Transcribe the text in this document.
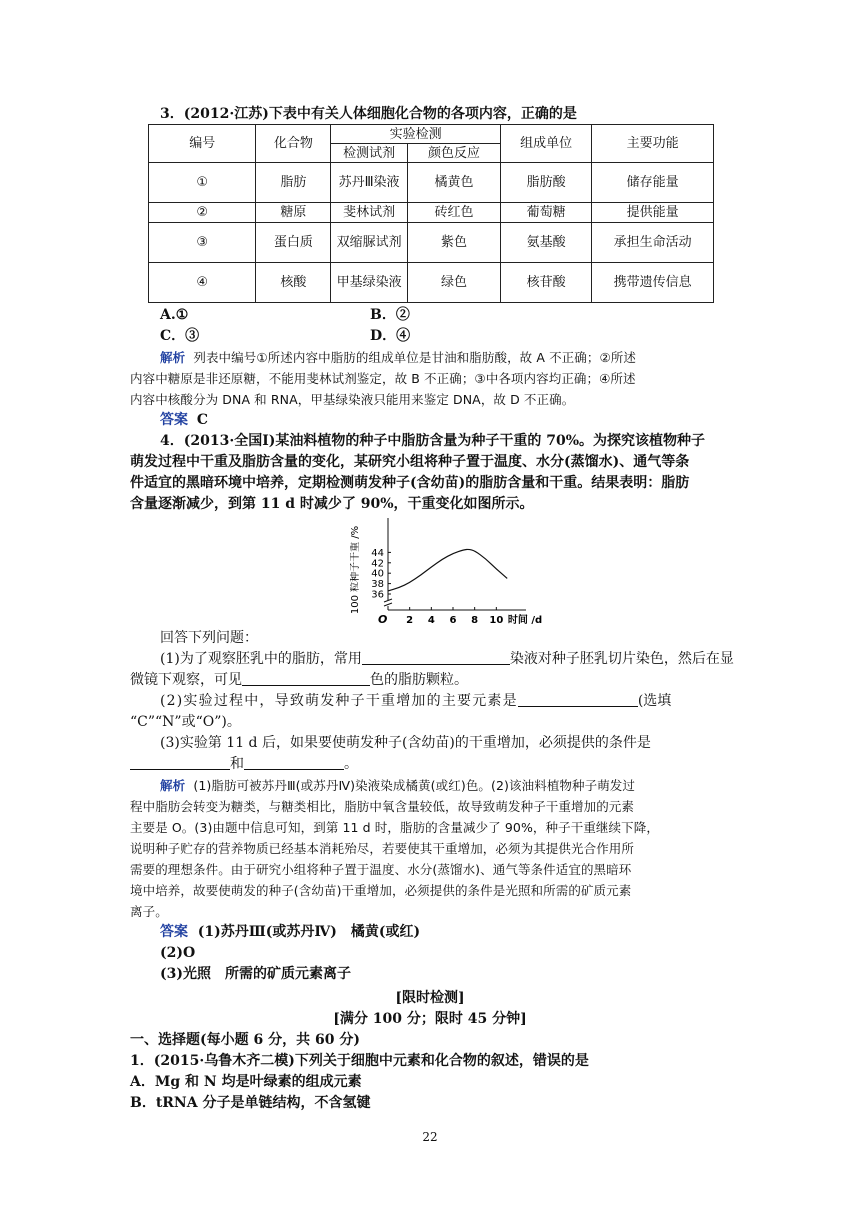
3．(2012·江苏)下表中有关人体细胞化合物的各项内容，正确的是
编号	化合物	实验检测		组成单位	主要功能
		检测试剂	颜色反应		
①	脂肪	苏丹Ⅲ染液	橘黄色	脂肪酸	储存能量
②	糖原	斐林试剂	砖红色	葡萄糖	提供能量
③	蛋白质	双缩脲试剂	紫色	氨基酸	承担生命活动
④	核酸	甲基绿染液	绿色	核苷酸	携带遗传信息
A.①	B．②
C．③	D．④
解析 列表中编号①所述内容中脂肪的组成单位是甘油和脂肪酸，故 A 不正确；②所述
内容中糖原是非还原糖，不能用斐林试剂鉴定，故 B 不正确；③中各项内容均正确；④所述
内容中核酸分为 DNA 和 RNA，甲基绿染液只能用来鉴定 DNA，故 D 不正确。
答案 C
4．(2013·全国Ⅰ)某油料植物的种子中脂肪含量为种子干重的 70%。为探究该植物种子
萌发过程中干重及脂肪含量的变化，某研究小组将种子置于温度、水分(蒸馏水)、通气等条
件适宜的黑暗环境中培养，定期检测萌发种子(含幼苗)的脂肪含量和干重。结果表明：脂肪
含量逐渐减少，到第 11 d 时减少了 90%，干重变化如图所示。
36
38
40
42
44
2 4 6 8 10
100 粒种子干重 /%
时间 /d
O
回答下列问题：
(1)为了观察胚乳中的脂肪，常用	染液对种子胚乳切片染色，然后在显
微镜下观察，可见	色的脂肪颗粒。
(2)实验过程中，导致萌发种子干重增加的主要元素是	(选填
“C”“N”或“O”)。
(3)实验第 11 d 后，如果要使萌发种子(含幼苗)的干重增加，必须提供的条件是
和	。
解析 (1)脂肪可被苏丹Ⅲ(或苏丹Ⅳ)染液染成橘黄(或红)色。(2)该油料植物种子萌发过
程中脂肪会转变为糖类，与糖类相比，脂肪中氧含量较低，故导致萌发种子干重增加的元素
主要是 O。(3)由题中信息可知，到第 11 d 时，脂肪的含量减少了 90%，种子干重继续下降，
说明种子贮存的营养物质已经基本消耗殆尽，若要使其干重增加，必须为其提供光合作用所
需要的理想条件。由于研究小组将种子置于温度、水分(蒸馏水)、通气等条件适宜的黑暗环
境中培养，故要使萌发的种子(含幼苗)干重增加，必须提供的条件是光照和所需的矿质元素
离子。
答案 (1)苏丹Ⅲ(或苏丹Ⅳ)　橘黄(或红)
(2)O
(3)光照　所需的矿质元素离子
[限时检测]
[满分 100 分；限时 45 分钟]
一、选择题(每小题 6 分，共 60 分)
1．(2015·乌鲁木齐二模)下列关于细胞中元素和化合物的叙述，错误的是
A．Mg 和 N 均是叶绿素的组成元素
B．tRNA 分子是单链结构，不含氢键
22
